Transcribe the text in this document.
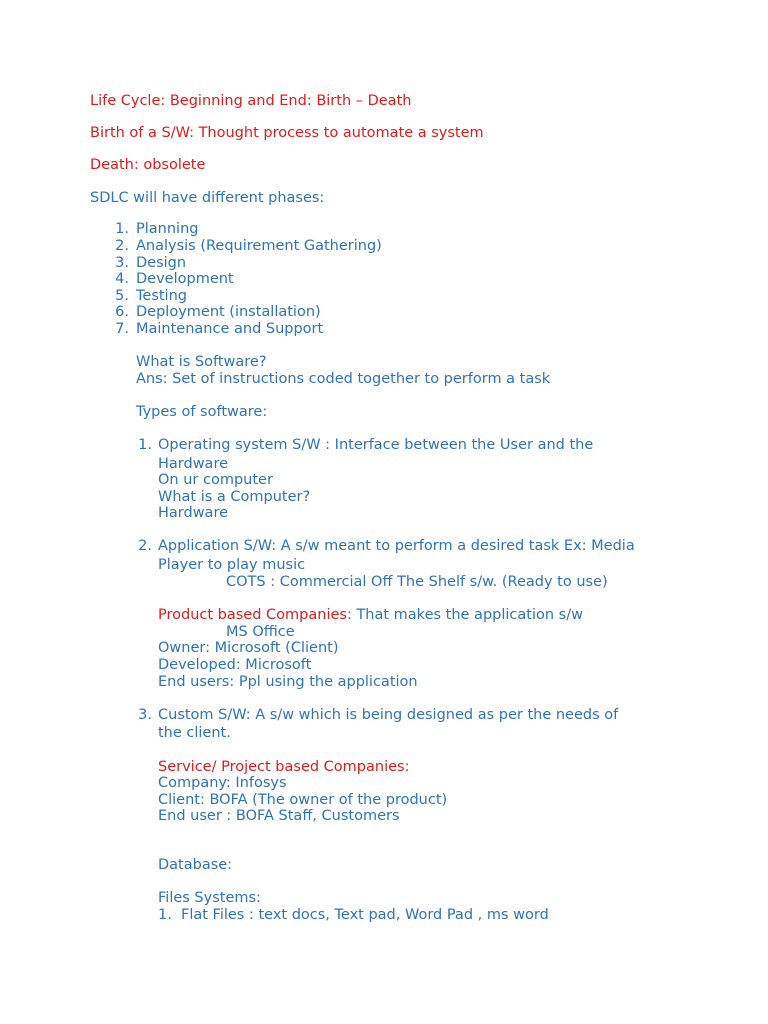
Life Cycle: Beginning and End: Birth – Death
Birth of a S/W: Thought process to automate a system
Death: obsolete
SDLC will have different phases:
1. Planning
2. Analysis (Requirement Gathering)
3. Design
4. Development
5. Testing
6. Deployment (installation)
7. Maintenance and Support
What is Software?
Ans: Set of instructions coded together to perform a task
Types of software:
1. Operating system S/W : Interface between the User and the
Hardware
On ur computer
What is a Computer?
Hardware
2. Application S/W: A s/w meant to perform a desired task Ex: Media
Player to play music
COTS : Commercial Off The Shelf s/w. (Ready to use)
Product based Companies: That makes the application s/w
MS Office
Owner: Microsoft (Client)
Developed: Microsoft
End users: Ppl using the application
3. Custom S/W: A s/w which is being designed as per the needs of
the client.
Service/ Project based Companies:
Company: Infosys
Client: BOFA (The owner of the product)
End user : BOFA Staff, Customers
Database:
Files Systems:
1. Flat Files : text docs, Text pad, Word Pad , ms word
